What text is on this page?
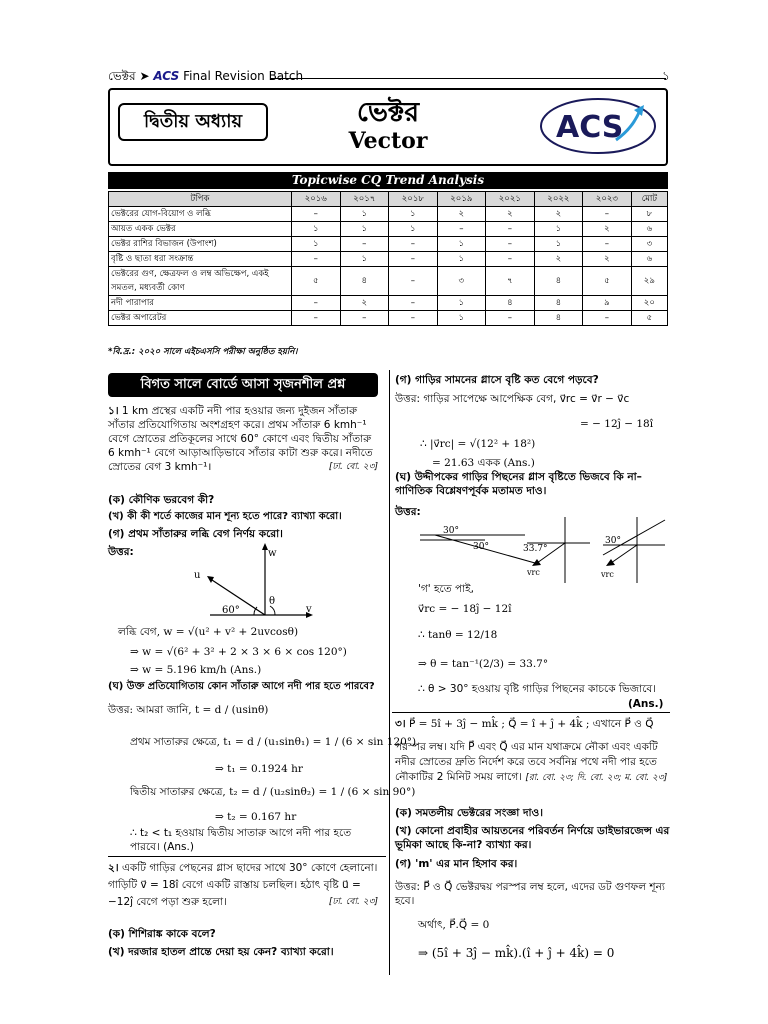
ভেক্টর ➤ ACS Final Revision Batch	১
দ্বিতীয় অধ্যায়	ভেক্টর
Vector	ACS
Topicwise CQ Trend Analysis
টপিক	২০১৬	২০১৭	২০১৮	২০১৯	২০২১	২০২২	২০২৩	মোট
ভেক্টরের যোগ-বিয়োগ ও লব্ধি	–	১	১	২	২	২	–	৮
আয়ত একক ভেক্টর	১	১	১	–	–	১	২	৬
ভেক্টর রাশির বিভাজন (উপাংশ)	১	–	–	১	–	১	–	৩
বৃষ্টি ও ছাতা ধরা সংক্রান্ত	–	১	–	১	–	২	২	৬
ভেক্টরের গুণ, ক্ষেত্রফল ও লম্ব অভিক্ষেপ, একই সমতল, মধ্যবর্তী কোণ	৫	৪	–	৩	৭	৪	৫	২৯
নদী পারাপার	–	২	–	১	৪	৪	৯	২০
ভেক্টর অপারেটর	–	–	–	১	–	৪	–	৫
*বি.দ্র.: ২০২০ সালে এইচএসসি পরীক্ষা অনুষ্ঠিত হয়নি।
বিগত সালে বোর্ডে আসা সৃজনশীল প্রশ্ন
১। 1 km প্রস্থের একটি নদী পার হওয়ার জন্য দুইজন সাঁতারু সাঁতার প্রতিযোগিতায় অংশগ্রহণ করে। প্রথম সাঁতারু 6 kmh⁻¹ বেগে স্রোতের প্রতিকূলের সাথে 60° কোণে এবং দ্বিতীয় সাঁতারু 6 kmh⁻¹ বেগে আড়াআড়িভাবে সাঁতার কাটা শুরু করে। নদীতে স্রোতের বেগ 3 kmh⁻¹।	[ঢা. বো. ২৩]
(ক) কৌণিক ভরবেগ কী?
(খ) কী কী শর্তে কাজের মান শূন্য হতে পারে? ব্যাখ্যা করো।
(গ) প্রথম সাঁতারুর লব্ধি বেগ নির্ণয় করো।
উত্তর:	w
u
θ
60°	v
লব্ধি বেগ, w = √(u² + v² + 2uvcosθ)
⇒ w = √(6² + 3² + 2 × 3 × 6 × cos 120°)
⇒ w = 5.196 km/h (Ans.)
(ঘ) উক্ত প্রতিযোগিতায় কোন সাঁতারু আগে নদী পার হতে পারবে?
উত্তর: আমরা জানি, t = d / (usinθ)
প্রথম সাতারুর ক্ষেত্রে, t₁ = d / (u₁sinθ₁) = 1 / (6 × sin 120°)
⇒ t₁ = 0.1924 hr
দ্বিতীয় সাতারুর ক্ষেত্রে, t₂ = d / (u₂sinθ₂) = 1 / (6 × sin 90°)
⇒ t₂ = 0.167 hr
∴ t₂ < t₁ হওয়ায় দ্বিতীয় সাতারু আগে নদী পার হতে পারবে। (Ans.)
২। একটি গাড়ির পেছনের গ্লাস ছাদের সাথে 30° কোণে হেলানো। গাড়িটি v⃗ = 18î বেগে একটি রাস্তায় চলছিল। হঠাৎ বৃষ্টি u⃗ = −12ĵ বেগে পড়া শুরু হলো।	[ঢা. বো. ২৩]
(ক) শিশিরাঙ্ক কাকে বলে?
(খ) দরজার হাতল প্রান্তে দেয়া হয় কেন? ব্যাখ্যা করো।
(গ) গাড়ির সামনের গ্লাসে বৃষ্টি কত বেগে পড়বে?
উত্তর: গাড়ির সাপেক্ষে আপেক্ষিক বেগ, v⃗rc = v⃗r − v⃗c
= − 12ĵ − 18î
∴ |v⃗rc| = √(12² + 18²)
= 21.63 একক (Ans.)
(ঘ) উদ্দীপকের গাড়ির পিছনের গ্লাস বৃষ্টিতে ভিজবে কি না– গাণিতিক বিশ্লেষণপূর্বক মতামত দাও।
উত্তর:
30°
30°	33.7°
vrc
30°
vrc
'গ' হতে পাই,
v⃗rc = − 18ĵ − 12î
∴ tanθ = 12/18
⇒ θ = tan⁻¹(2/3) = 33.7°
∴ θ > 30° হওয়ায় বৃষ্টি গাড়ির পিছনের কাচকে ভিজাবে।
(Ans.)
৩। P⃗ = 5î + 3ĵ − mk̂ ; Q⃗ = î + ĵ + 4k̂ ; এখানে P⃗ ও Q⃗
পরস্পর লম্ব। যদি P⃗ এবং Q⃗ এর মান যথাক্রমে নৌকা এবং একটি নদীর স্রোতের দ্রুতি নির্দেশ করে তবে সর্বনিম্ন পথে নদী পার হতে নৌকাটির 2 মিনিট সময় লাগে। [রা. বো. ২৩; দি. বো. ২৩; ম. বো. ২৩]
(ক) সমতলীয় ভেক্টরের সংজ্ঞা দাও।
(খ) কোনো প্রবাহীর আয়তনের পরিবর্তন নির্ণয়ে ডাইভারজেন্স এর ভূমিকা আছে কি-না? ব্যাখ্যা কর।
(গ) 'm' এর মান হিসাব কর।
উত্তর: P⃗ ও Q⃗ ভেক্টরদ্বয় পরস্পর লম্ব হলে, এদের ডট গুণফল শূন্য হবে।
অর্থাৎ, P⃗.Q⃗ = 0
⇒ (5î + 3ĵ − mk̂).(î + ĵ + 4k̂) = 0
